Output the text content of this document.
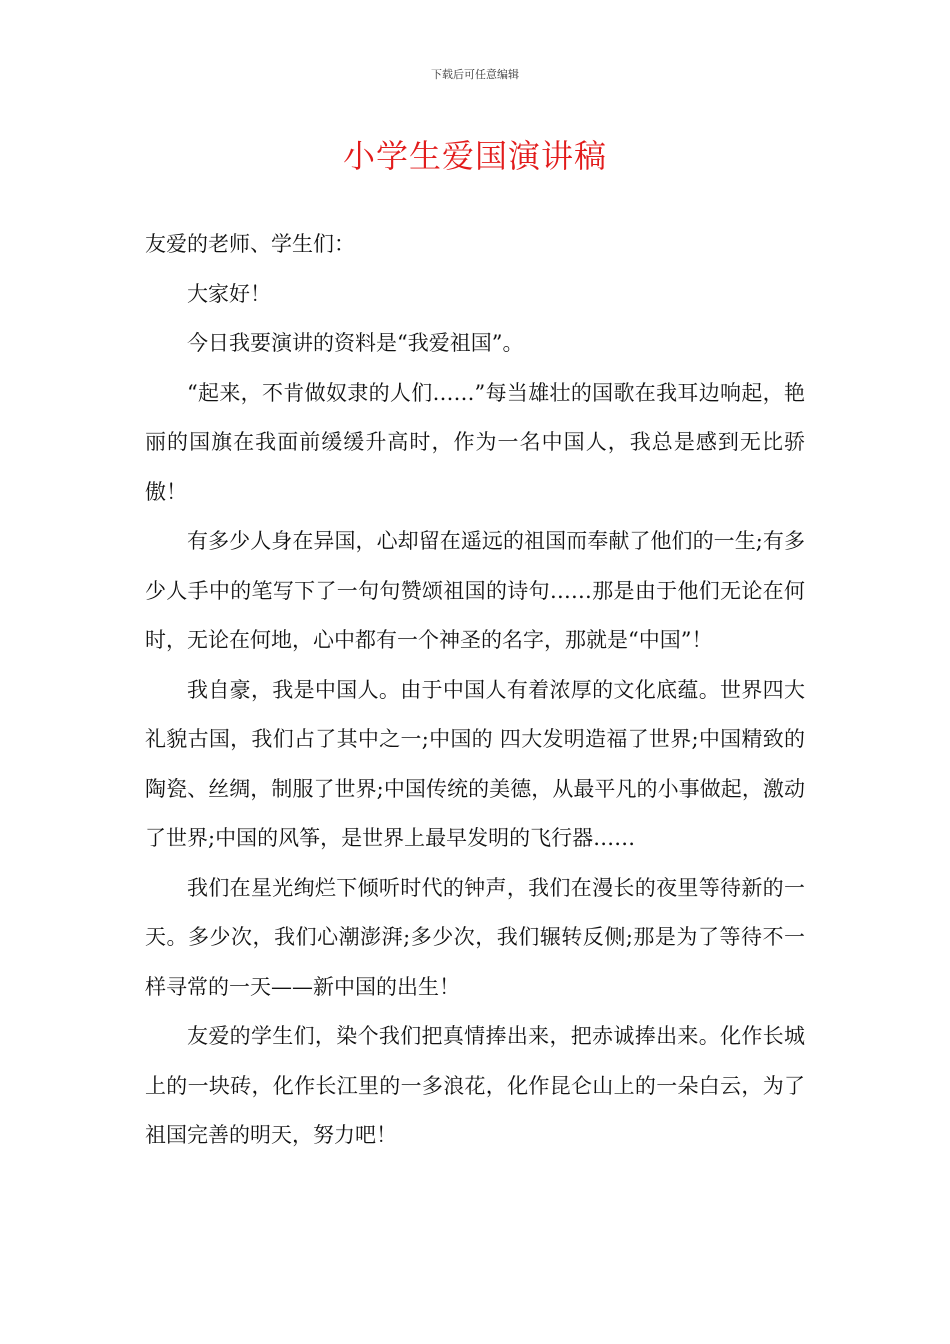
下载后可任意编辑
小学生爱国演讲稿

友爱的老师、学生们：

大家好！

今日我要演讲的资料是“我爱祖国”。

“起来，不肯做奴隶的人们……”每当雄壮的国歌在我耳边响起，艳丽的国旗在我面前缓缓升高时，作为一名中国人，我总是感到无比骄傲！

有多少人身在异国，心却留在遥远的祖国而奉献了他们的一生;有多少人手中的笔写下了一句句赞颂祖国的诗句……那是由于他们无论在何时，无论在何地，心中都有一个神圣的名字，那就是“中国”！

我自豪，我是中国人。由于中国人有着浓厚的文化底蕴。世界四大礼貌古国，我们占了其中之一;中国的 四大发明造福了世界;中国精致的陶瓷、丝绸，制服了世界;中国传统的美德，从最平凡的小事做起，激动了世界;中国的风筝，是世界上最早发明的飞行器……

我们在星光绚烂下倾听时代的钟声，我们在漫长的夜里等待新的一天。多少次，我们心潮澎湃;多少次，我们辗转反侧;那是为了等待不一样寻常的一天——新中国的出生！

友爱的学生们，染个我们把真情捧出来，把赤诚捧出来。化作长城上的一块砖，化作长江里的一多浪花，化作昆仑山上的一朵白云，为了祖国完善的明天，努力吧！
